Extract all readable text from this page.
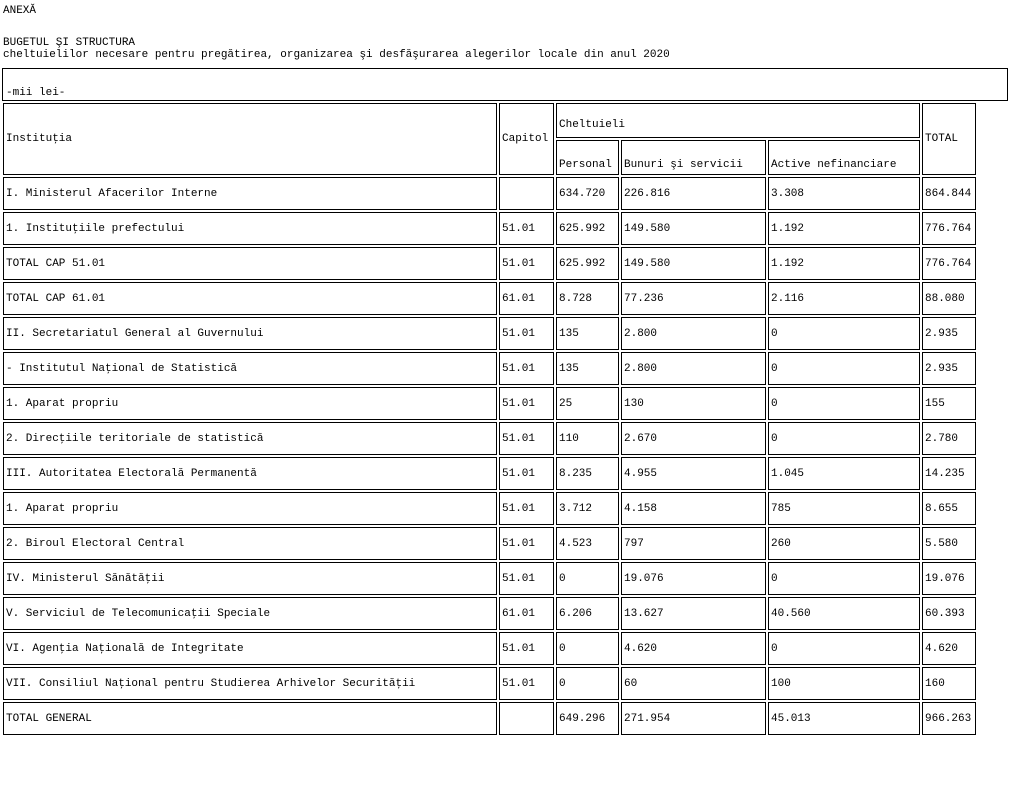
ANEXĂ
BUGETUL ŞI STRUCTURA
cheltuielilor necesare pentru pregătirea, organizarea şi desfăşurarea alegerilor locale din anul 2020
-mii lei-
Instituţia	Capitol	Cheltuieli			TOTAL
		Personal	Bunuri şi servicii	Active nefinanciare	
I. Ministerul Afacerilor Interne		634.720	226.816	3.308	864.844
1. Instituţiile prefectului	51.01	625.992	149.580	1.192	776.764
TOTAL CAP 51.01	51.01	625.992	149.580	1.192	776.764
TOTAL CAP 61.01	61.01	8.728	77.236	2.116	88.080
II. Secretariatul General al Guvernului	51.01	135	2.800	0	2.935
- Institutul Naţional de Statistică	51.01	135	2.800	0	2.935
1. Aparat propriu	51.01	25	130	0	155
2. Direcţiile teritoriale de statistică	51.01	110	2.670	0	2.780
III. Autoritatea Electorală Permanentă	51.01	8.235	4.955	1.045	14.235
1. Aparat propriu	51.01	3.712	4.158	785	8.655
2. Biroul Electoral Central	51.01	4.523	797	260	5.580
IV. Ministerul Sănătăţii	51.01	0	19.076	0	19.076
V. Serviciul de Telecomunicaţii Speciale	61.01	6.206	13.627	40.560	60.393
VI. Agenţia Naţională de Integritate	51.01	0	4.620	0	4.620
VII. Consiliul Naţional pentru Studierea Arhivelor Securităţii	51.01	0	60	100	160
TOTAL GENERAL		649.296	271.954	45.013	966.263
